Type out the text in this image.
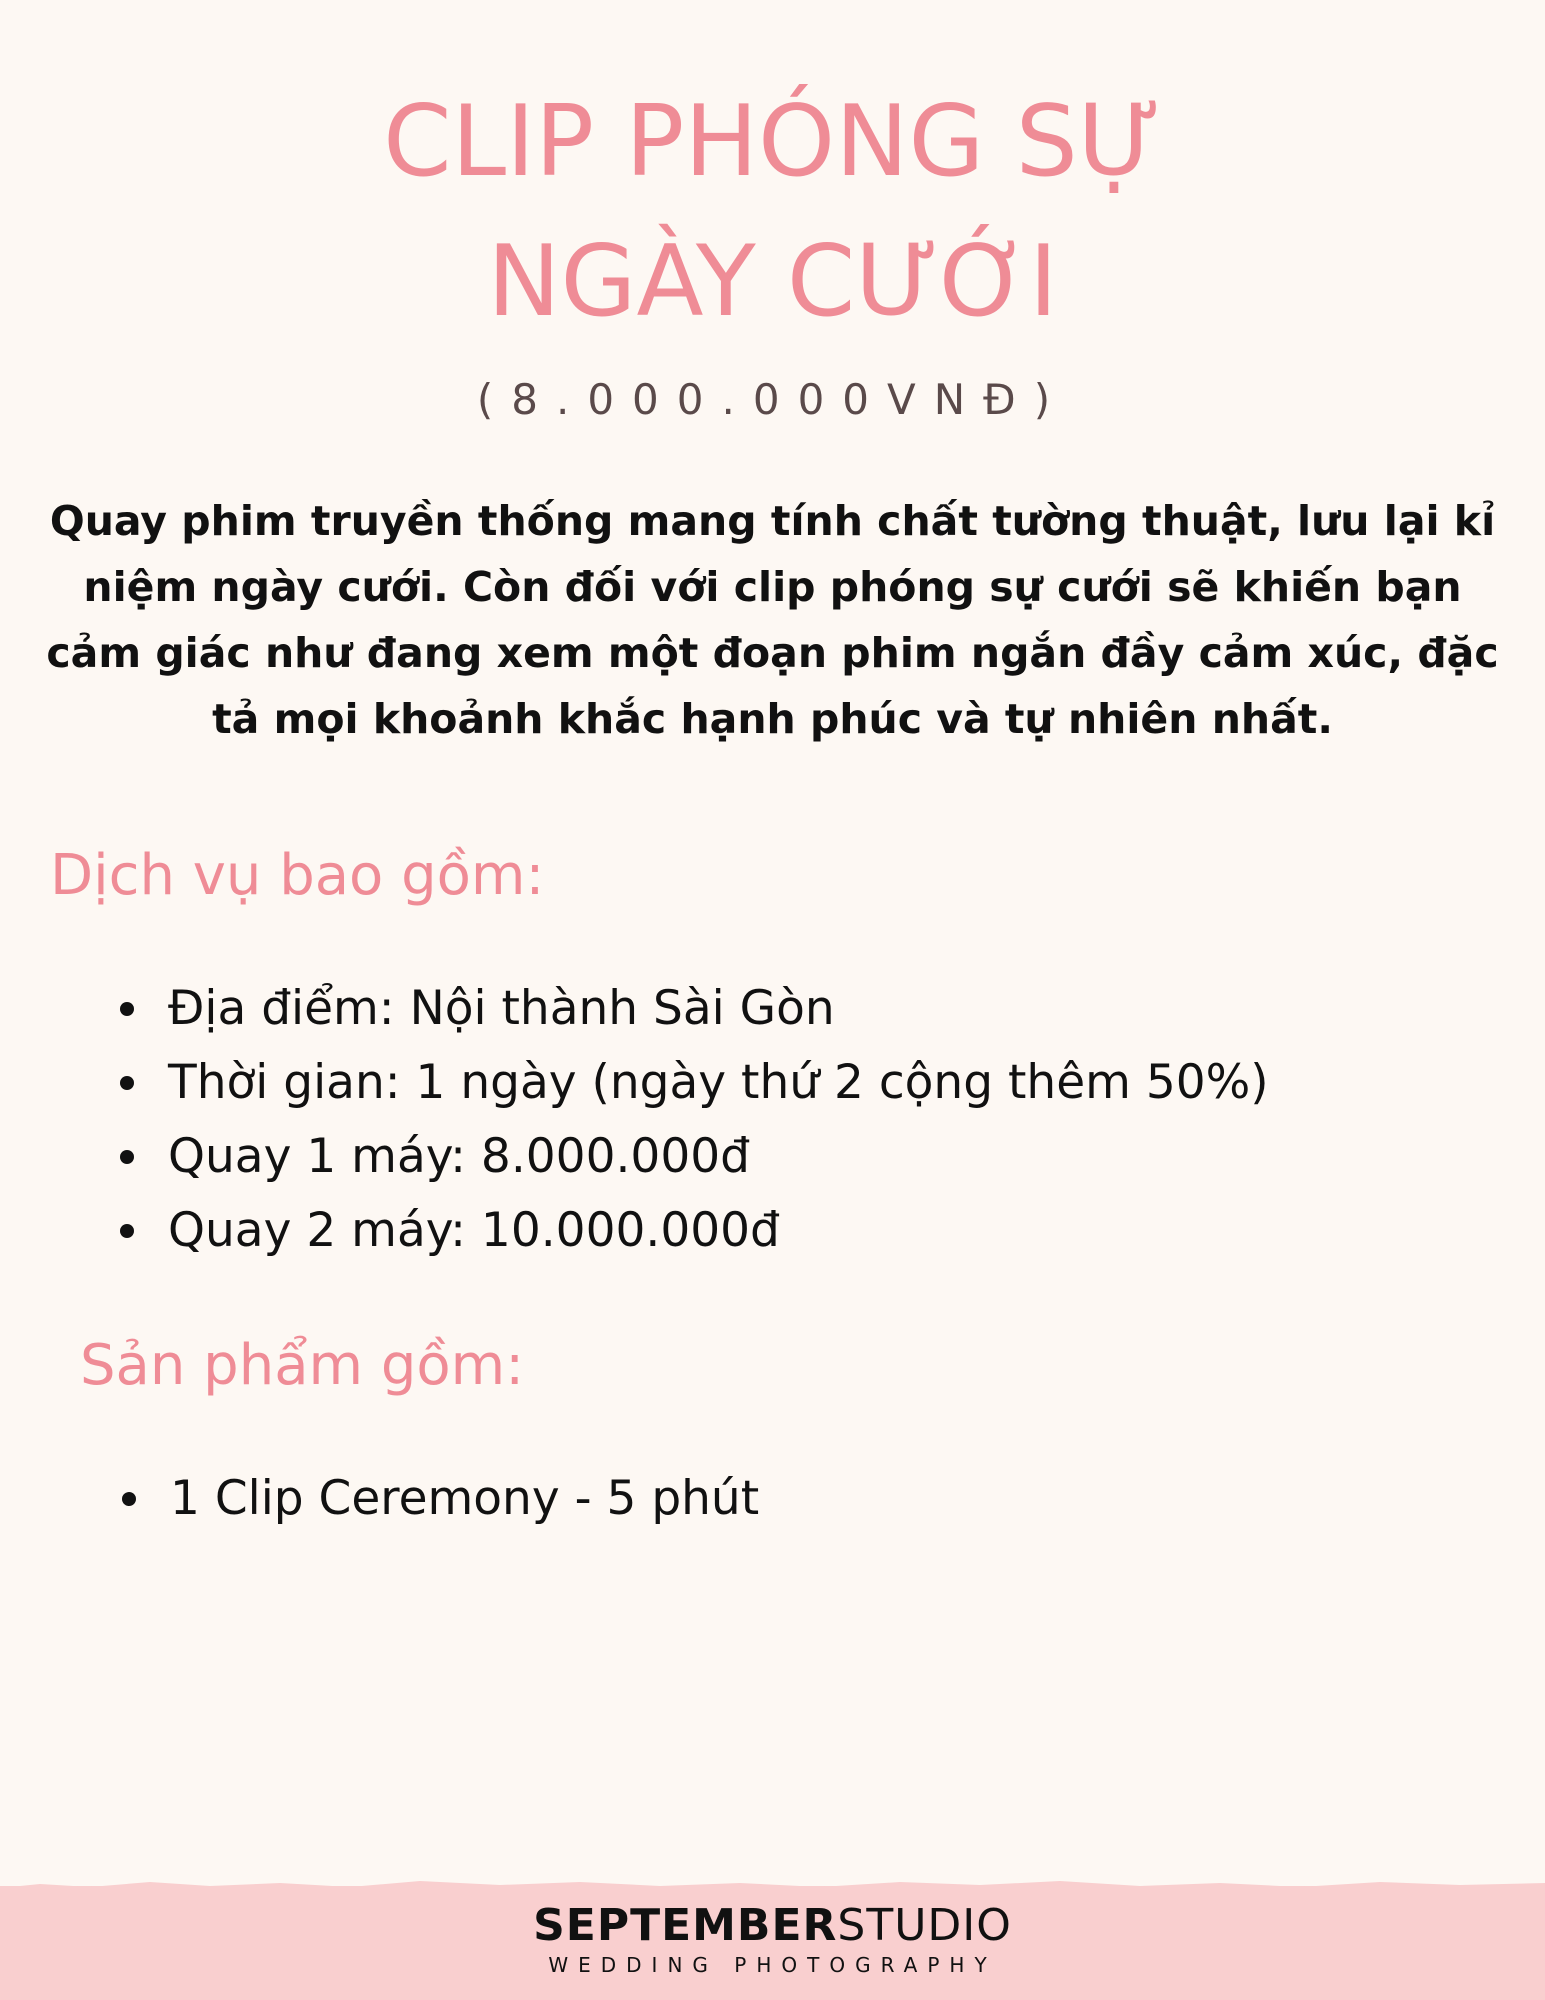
CLIP PHÓNG SỰ
NGÀY CƯỚI
(8.000.000VNĐ)

Quay phim truyền thống mang tính chất tường thuật, lưu lại kỉ niệm ngày cưới. Còn đối với clip phóng sự cưới sẽ khiến bạn cảm giác như đang xem một đoạn phim ngắn đầy cảm xúc, đặc tả mọi khoảnh khắc hạnh phúc và tự nhiên nhất.

Dịch vụ bao gồm:
Địa điểm: Nội thành Sài Gòn
Thời gian: 1 ngày (ngày thứ 2 cộng thêm 50%)
Quay 1 máy: 8.000.000đ
Quay 2 máy: 10.000.000đ
Sản phẩm gồm:
1 Clip Ceremony - 5 phút
SEPTEMBERSTUDIO
WEDDING PHOTOGRAPHY
